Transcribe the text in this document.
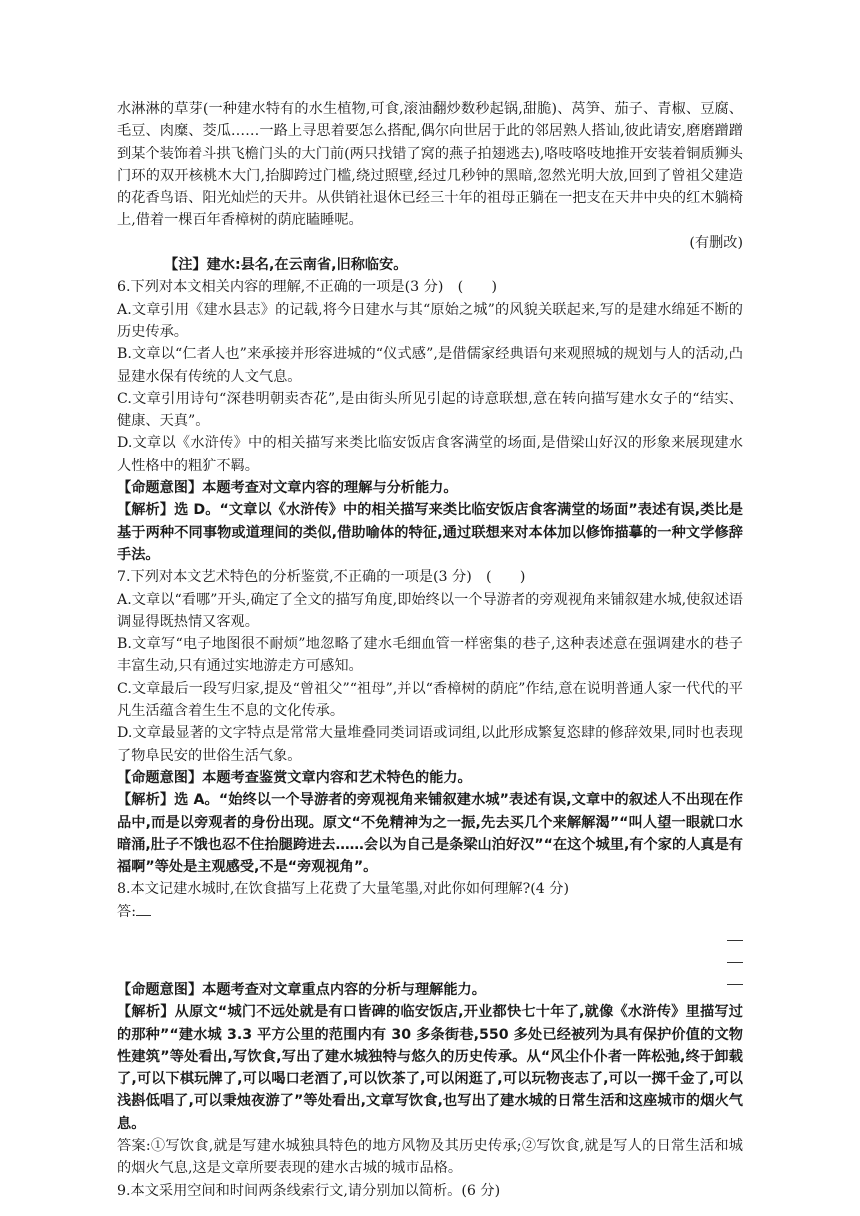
水淋淋的草芽(一种建水特有的水生植物,可食,滚油翻炒数秒起锅,甜脆)、莴笋、茄子、青椒、豆腐、毛豆、肉糜、茭瓜……一路上寻思着要怎么搭配,偶尔向世居于此的邻居熟人搭讪,彼此请安,磨磨蹭蹭到某个装饰着斗拱飞檐门头的大门前(两只找错了窝的燕子拍翅逃去),咯吱咯吱地推开安装着铜质狮头门环的双开核桃木大门,抬脚跨过门槛,绕过照壁,经过几秒钟的黑暗,忽然光明大放,回到了曾祖父建造的花香鸟语、阳光灿烂的天井。从供销社退休已经三十年的祖母正躺在一把支在天井中央的红木躺椅上,借着一棵百年香樟树的荫庇瞌睡呢。

(有删改)

【注】建水:县名,在云南省,旧称临安。

6.下列对本文相关内容的理解,不正确的一项是(3 分)　(　　)

A.文章引用《建水县志》的记载,将今日建水与其“原始之城”的风貌关联起来,写的是建水绵延不断的历史传承。

B.文章以“仁者人也”来承接并形容进城的“仪式感”,是借儒家经典语句来观照城的规划与人的活动,凸显建水保有传统的人文气息。

C.文章引用诗句“深巷明朝卖杏花”,是由街头所见引起的诗意联想,意在转向描写建水女子的“结实、健康、天真”。

D.文章以《水浒传》中的相关描写来类比临安饭店食客满堂的场面,是借梁山好汉的形象来展现建水人性格中的粗犷不羁。

【命题意图】本题考查对文章内容的理解与分析能力。

【解析】选 D。“文章以《水浒传》中的相关描写来类比临安饭店食客满堂的场面”表述有误,类比是基于两种不同事物或道理间的类似,借助喻体的特征,通过联想来对本体加以修饰描摹的一种文学修辞手法。

7.下列对本文艺术特色的分析鉴赏,不正确的一项是(3 分)　(　　)

A.文章以“看哪”开头,确定了全文的描写角度,即始终以一个导游者的旁观视角来铺叙建水城,使叙述语调显得既热情又客观。

B.文章写“电子地图很不耐烦”地忽略了建水毛细血管一样密集的巷子,这种表述意在强调建水的巷子丰富生动,只有通过实地游走方可感知。

C.文章最后一段写归家,提及“曾祖父”“祖母”,并以“香樟树的荫庇”作结,意在说明普通人家一代代的平凡生活蕴含着生生不息的文化传承。

D.文章最显著的文字特点是常常大量堆叠同类词语或词组,以此形成繁复恣肆的修辞效果,同时也表现了物阜民安的世俗生活气象。

【命题意图】本题考查鉴赏文章内容和艺术特色的能力。

【解析】选 A。“始终以一个导游者的旁观视角来铺叙建水城”表述有误,文章中的叙述人不出现在作品中,而是以旁观者的身份出现。原文“不免精神为之一振,先去买几个来解解渴”“叫人望一眼就口水暗涌,肚子不饿也忍不住抬腿跨进去……会以为自己是条梁山泊好汉”“在这个城里,有个家的人真是有福啊”等处是主观感受,不是“旁观视角”。

8.本文记建水城时,在饮食描写上花费了大量笔墨,对此你如何理解?(4 分)

答:

【命题意图】本题考查对文章重点内容的分析与理解能力。

【解析】从原文“城门不远处就是有口皆碑的临安饭店,开业都快七十年了,就像《水浒传》里描写过的那种”“建水城 3.3 平方公里的范围内有 30 多条街巷,550 多处已经被列为具有保护价值的文物性建筑”等处看出,写饮食,写出了建水城独特与悠久的历史传承。从“风尘仆仆者一阵松弛,终于卸载了,可以下棋玩牌了,可以喝口老酒了,可以饮茶了,可以闲逛了,可以玩物丧志了,可以一掷千金了,可以浅斟低唱了,可以秉烛夜游了”等处看出,文章写饮食,也写出了建水城的日常生活和这座城市的烟火气息。

答案:①写饮食,就是写建水城独具特色的地方风物及其历史传承;②写饮食,就是写人的日常生活和城的烟火气息,这是文章所要表现的建水古城的城市品格。

9.本文采用空间和时间两条线索行文,请分别加以简析。(6 分)
